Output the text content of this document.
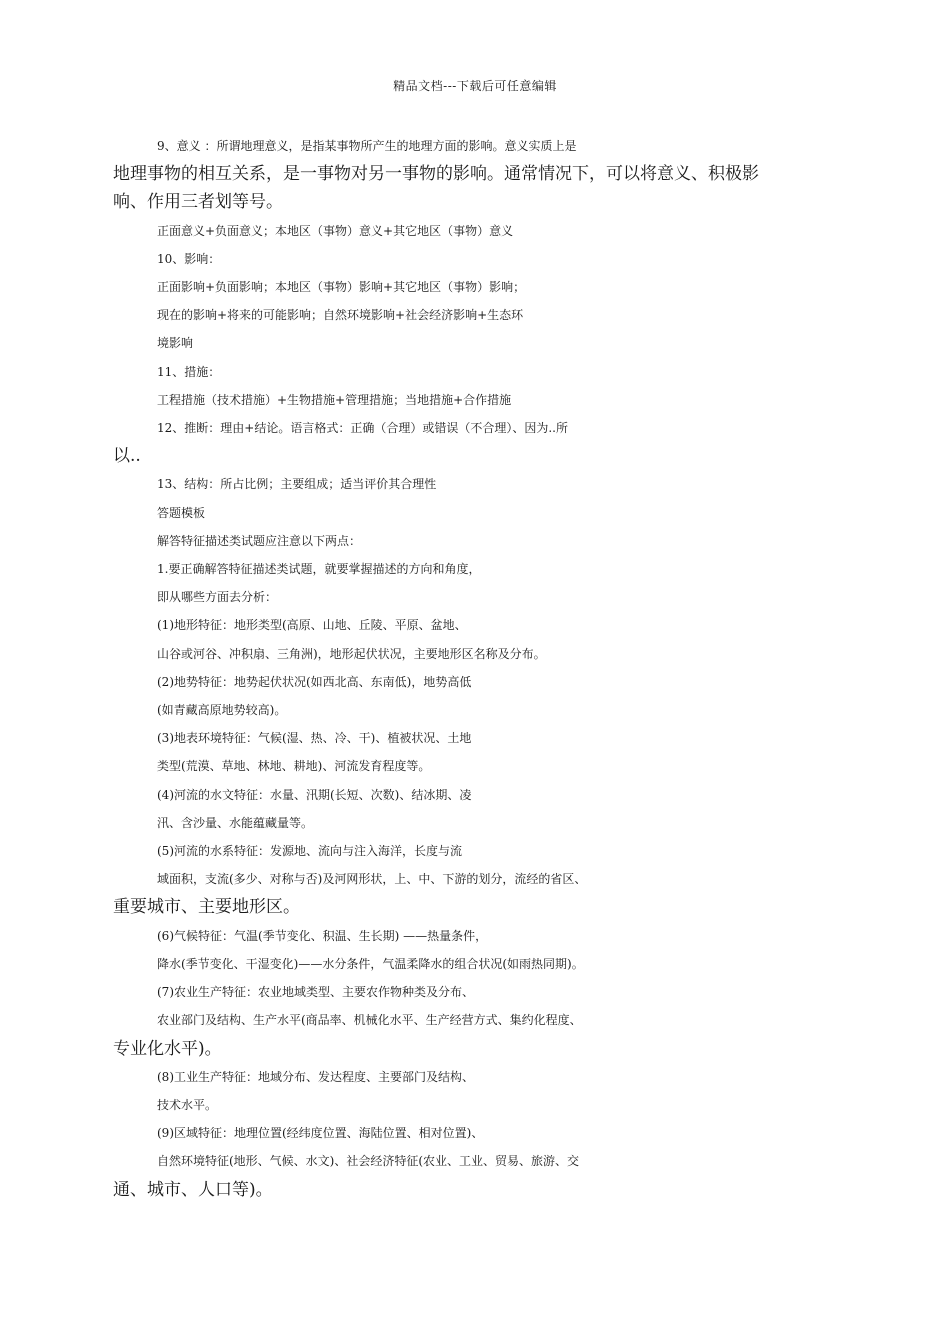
精品文档---下载后可任意编辑
9、意义 ：所谓地理意义，是指某事物所产生的地理方面的影响。意义实质上是
地理事物的相互关系，是一事物对另一事物的影响。通常情况下，可以将意义、积极影
响、作用三者划等号。
正面意义+负面意义；本地区（事物）意义+其它地区（事物）意义
10、影响：
正面影响+负面影响；本地区（事物）影响+其它地区（事物）影响；
现在的影响+将来的可能影响；自然环境影响+社会经济影响+生态环
境影响
11、措施：
工程措施（技术措施）+生物措施+管理措施；当地措施+合作措施
12、推断：理由+结论。语言格式：正确（合理）或错误（不合理）、因为..所
以..
13、结构：所占比例；主要组成；适当评价其合理性
答题模板
解答特征描述类试题应注意以下两点：
1.要正确解答特征描述类试题，就要掌握描述的方向和角度，
即从哪些方面去分析：
(1)地形特征：地形类型(高原、山地、丘陵、平原、盆地、
山谷或河谷、冲积扇、三角洲)，地形起伏状况，主要地形区名称及分布。
(2)地势特征：地势起伏状况(如西北高、东南低)，地势高低
(如青藏高原地势较高)。
(3)地表环境特征：气候(湿、热、冷、干)、植被状况、土地
类型(荒漠、草地、林地、耕地)、河流发育程度等。
(4)河流的水文特征：水量、汛期(长短、次数)、结冰期、凌
汛、含沙量、水能蕴藏量等。
(5)河流的水系特征：发源地、流向与注入海洋，长度与流
域面积，支流(多少、对称与否)及河网形状，上、中、下游的划分，流经的省区、
重要城市、主要地形区。
(6)气候特征：气温(季节变化、积温、生长期) ——热量条件，
降水(季节变化、干湿变化)——水分条件，气温柔降水的组合状况(如雨热同期)。
(7)农业生产特征：农业地域类型、主要农作物种类及分布、
农业部门及结构、生产水平(商品率、机械化水平、生产经营方式、集约化程度、
专业化水平)。
(8)工业生产特征：地域分布、发达程度、主要部门及结构、
技术水平。
(9)区域特征：地理位置(经纬度位置、海陆位置、相对位置)、
自然环境特征(地形、气候、水文)、社会经济特征(农业、工业、贸易、旅游、交
通、城市、人口等)。
